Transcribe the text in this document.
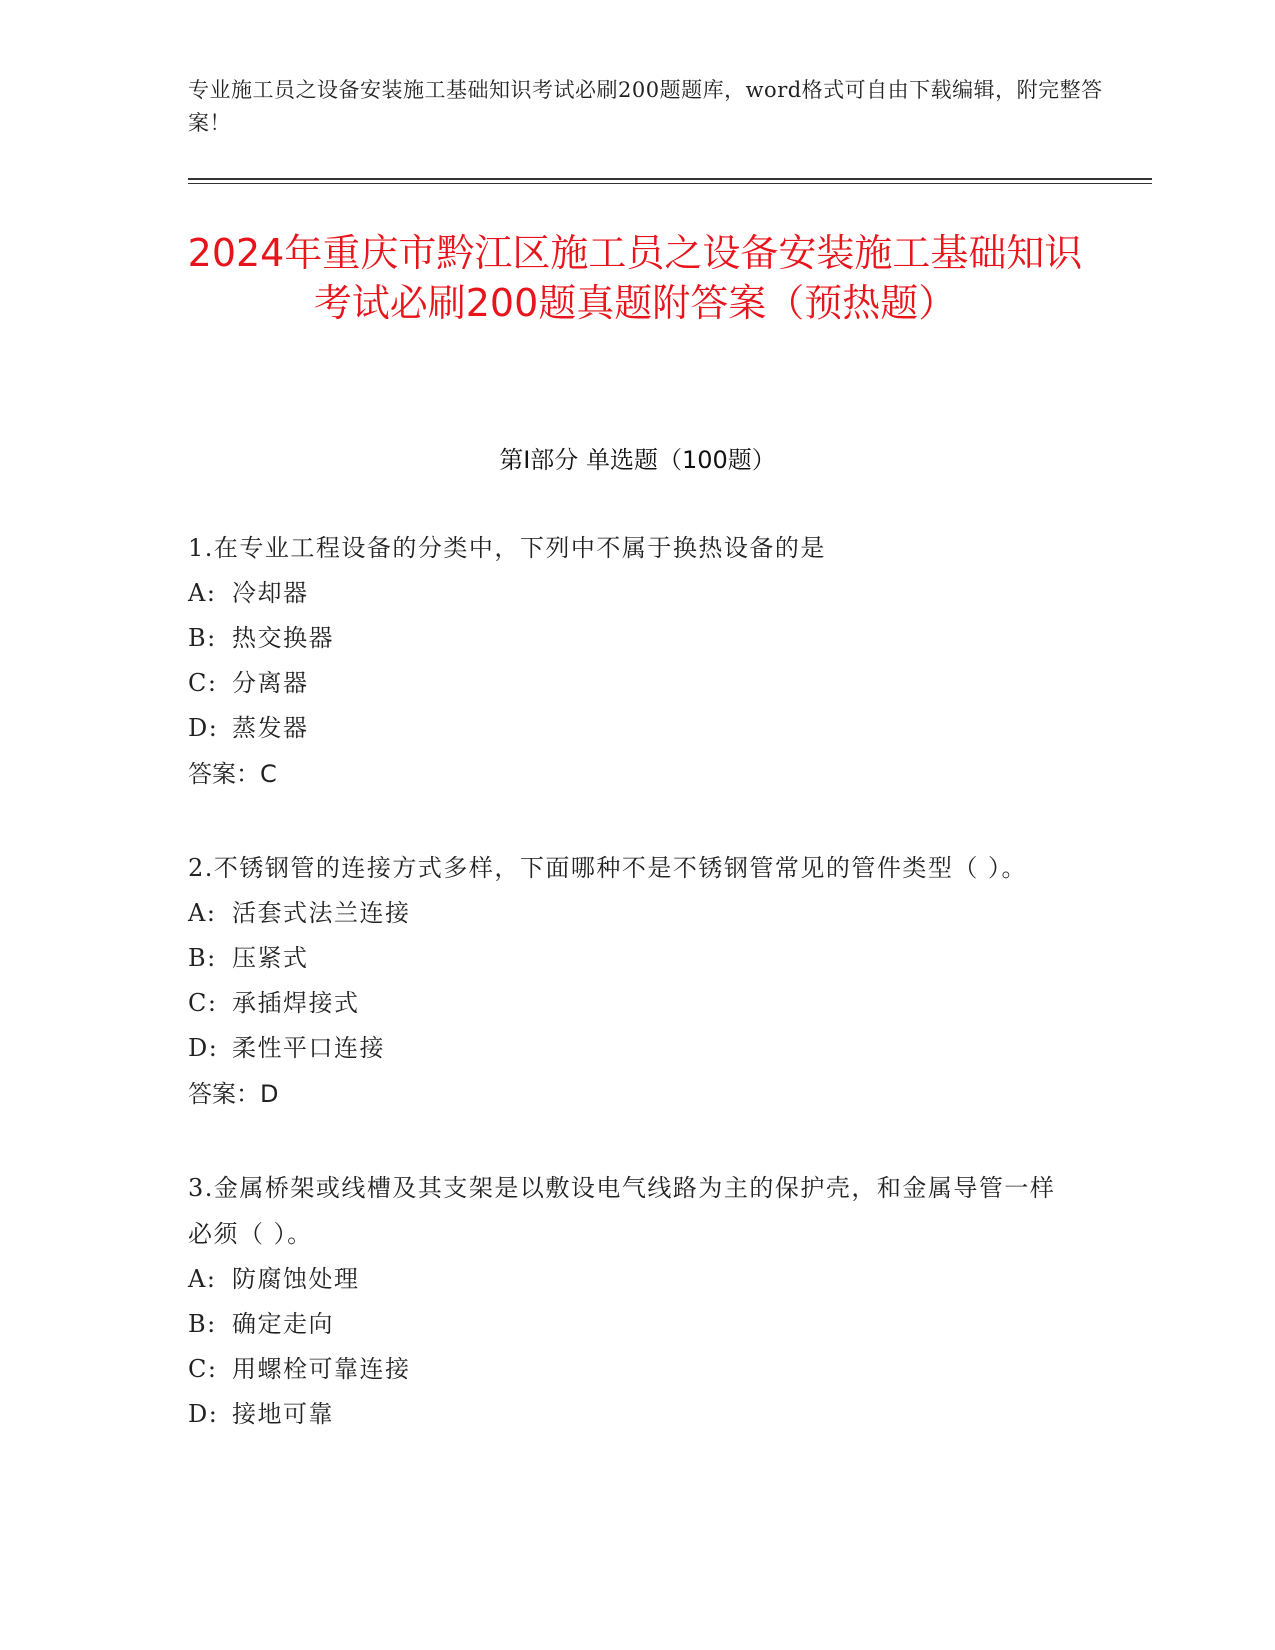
专业施工员之设备安装施工基础知识考试必刷200题题库，word格式可自由下载编辑，附完整答案！
2024年重庆市黔江区施工员之设备安装施工基础知识考试必刷200题真题附答案（预热题）
第Ⅰ部分 单选题（100题）
1.在专业工程设备的分类中，下列中不属于换热设备的是
A: 冷却器
B: 热交换器
C: 分离器
D: 蒸发器
答案：C
2.不锈钢管的连接方式多样，下面哪种不是不锈钢管常见的管件类型（ ）。
A: 活套式法兰连接
B: 压紧式
C: 承插焊接式
D: 柔性平口连接
答案：D
3.金属桥架或线槽及其支架是以敷设电气线路为主的保护壳，和金属导管一样必须（ ）。
A: 防腐蚀处理
B: 确定走向
C: 用螺栓可靠连接
D: 接地可靠
